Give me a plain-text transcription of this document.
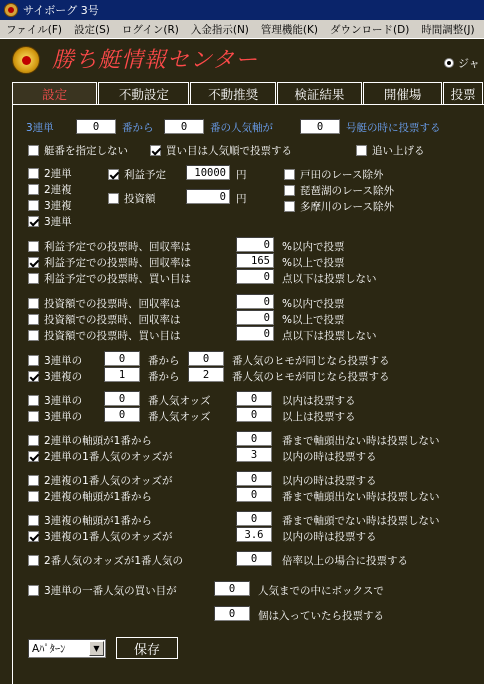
サイボーグ 3号
ファイル(F)	設定(S)	ログイン(R)	入金指示(N)	管理機能(K)	ダウンロード(D)	時間調整(J)
勝ち艇情報センター	ジャ
設定	不動設定	不動推奨	検証結果	開催場	投票
3連単	0	番から	0	番の人気軸が	0	号艇の時に投票する
艇番を指定しない	買い目は人気順で投票する	追い上げる
2連単
2連複
3連複
3連単
利益予定	10000 円
投資額	0 円
戸田のレース除外
琵琶湖のレース除外
多摩川のレース除外
利益予定での投票時、回収率は	0	%以内で投票
利益予定での投票時、回収率は	165	%以上で投票
利益予定での投票時、買い目は	0	点以下は投票しない
投資額での投票時、回収率は	0	%以内で投票
投資額での投票時、回収率は	0	%以上で投票
投資額での投票時、買い目は	0	点以下は投票しない
3連単の	0	番から	0	番人気のヒモが同じなら投票する
3連複の	1	番から	2	番人気のヒモが同じなら投票する
3連単の	0	番人気オッズ	0	以内は投票する
3連単の	0	番人気オッズ	0	以上は投票する
2連単の軸頭が1番から	0	番まで軸頭出ない時は投票しない
2連単の1番人気のオッズが	3	以内の時は投票する
2連複の1番人気のオッズが	0	以内の時は投票する
2連複の軸頭が1番から	0	番まで軸頭出ない時は投票しない
3連複の軸頭が1番から	0	番まで軸頭でない時は投票しない
3連複の1番人気のオッズが	3.6	以内の時は投票する
2番人気のオッズが1番人気の	0	倍率以上の場合に投票する
3連単の一番人気の買い目が	0	人気までの中にボックスで
0	個は入っていたら投票する
Aﾊﾟﾀｰﾝ	▼	保存
